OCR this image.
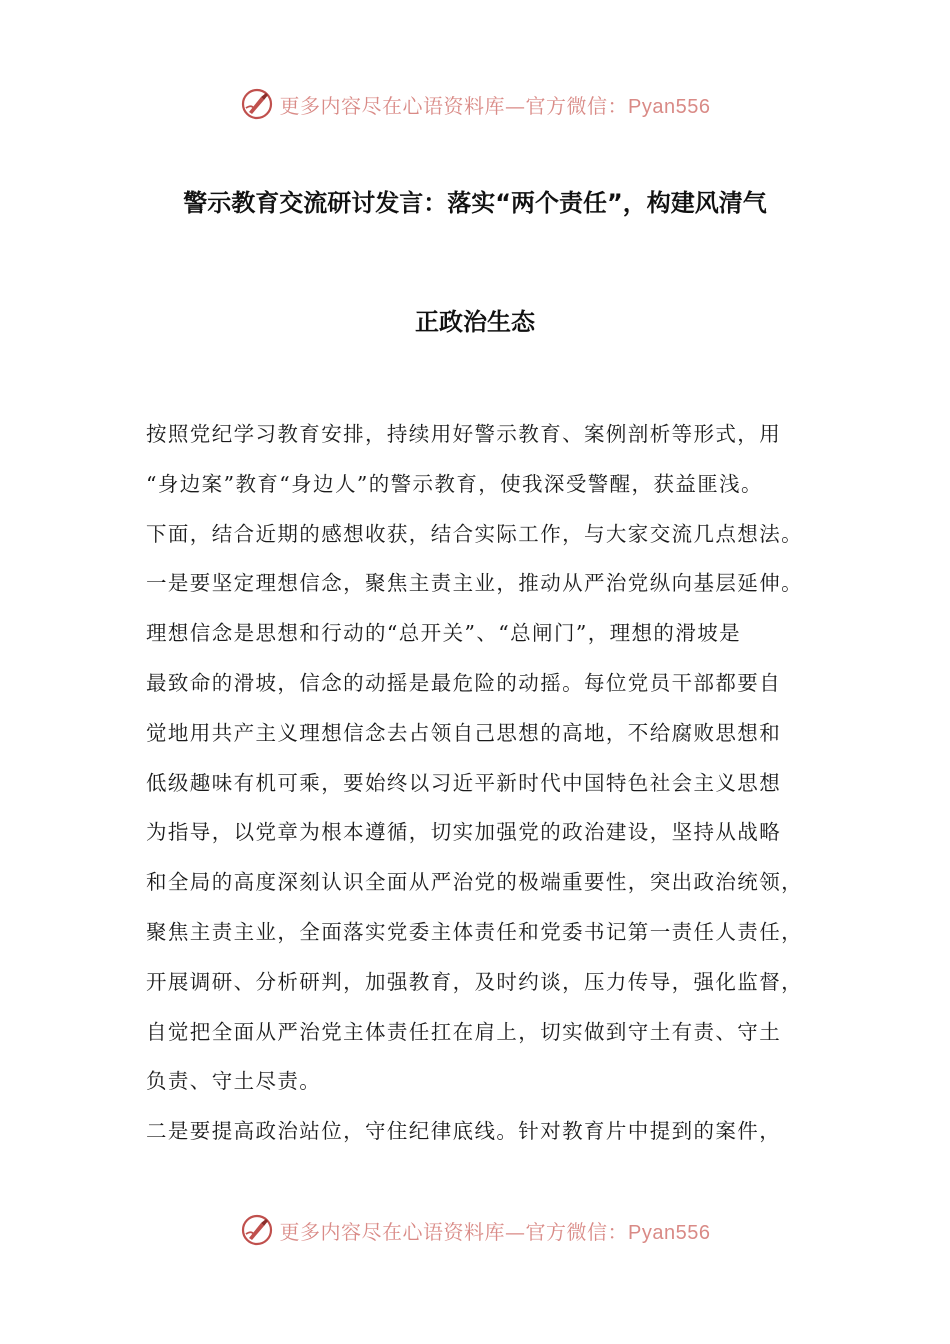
更多内容尽在心语资料库—官方微信：Pyan556
警示教育交流研讨发言：落实“两个责任”，构建风清气
正政治生态
按照党纪学习教育安排，持续用好警示教育、案例剖析等形式，用
“身边案”教育“身边人”的警示教育，使我深受警醒，获益匪浅。
下面，结合近期的感想收获，结合实际工作，与大家交流几点想法。
一是要坚定理想信念，聚焦主责主业，推动从严治党纵向基层延伸。
理想信念是思想和行动的“总开关”、“总闸门”，理想的滑坡是
最致命的滑坡，信念的动摇是最危险的动摇。每位党员干部都要自
觉地用共产主义理想信念去占领自己思想的高地，不给腐败思想和
低级趣味有机可乘，要始终以习近平新时代中国特色社会主义思想
为指导，以党章为根本遵循，切实加强党的政治建设，坚持从战略
和全局的高度深刻认识全面从严治党的极端重要性，突出政治统领，
聚焦主责主业，全面落实党委主体责任和党委书记第一责任人责任，
开展调研、分析研判，加强教育，及时约谈，压力传导，强化监督，
自觉把全面从严治党主体责任扛在肩上，切实做到守土有责、守土
负责、守土尽责。
二是要提高政治站位，守住纪律底线。针对教育片中提到的案件，
更多内容尽在心语资料库—官方微信：Pyan556
